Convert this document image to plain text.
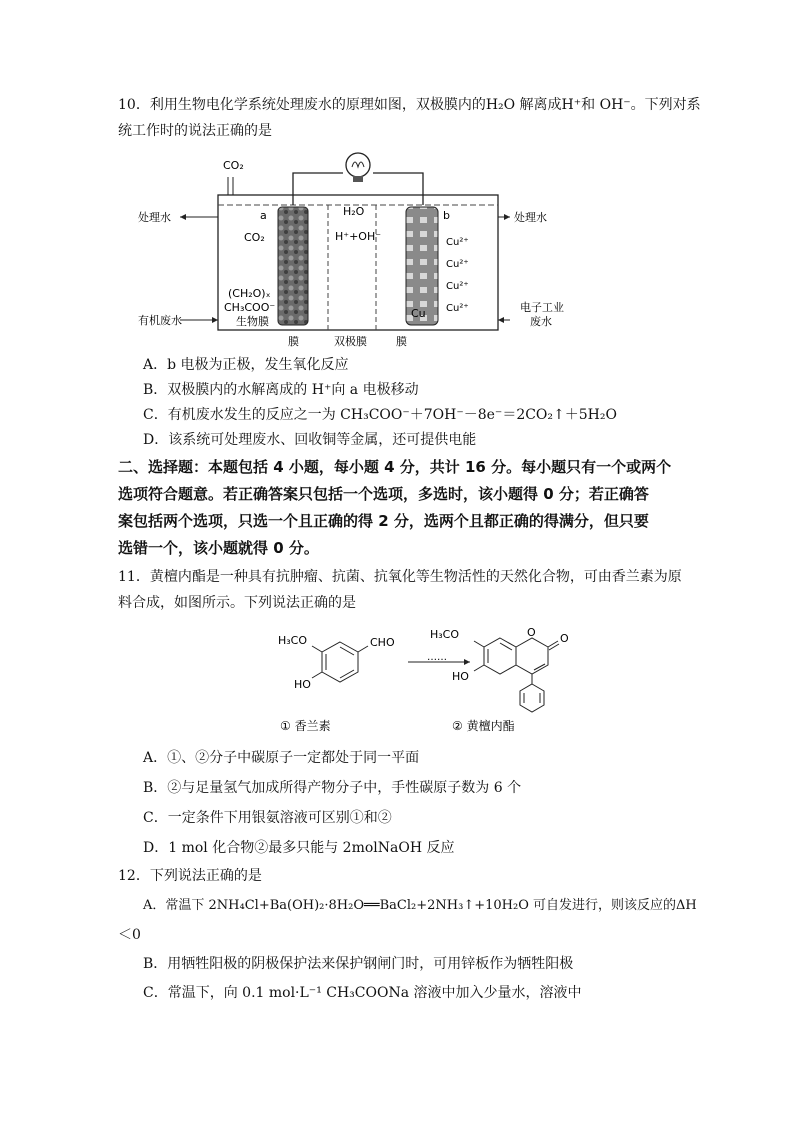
10．利用生物电化学系统处理废水的原理如图，双极膜内的H₂O 解离成H⁺和 OH⁻。下列对系
统工作时的说法正确的是
CO₂
处理水	a
CO₂
(CH₂O)ₓ
CH₃COO⁻
生物膜
有机废水
H₂O
H⁺+OH⁻
b
Cu²⁺
Cu²⁺
Cu²⁺
Cu²⁺
Cu
处理水
电子工业
废水
膜	双极膜	膜
A．b 电极为正极，发生氧化反应
B．双极膜内的水解离成的 H⁺向 a 电极移动
C．有机废水发生的反应之一为 CH₃COO⁻＋7OH⁻－8e⁻＝2CO₂↑＋5H₂O
D．该系统可处理废水、回收铜等金属，还可提供电能
二、选择题：本题包括 4 小题，每小题 4 分，共计 16 分。每小题只有一个或两个
选项符合题意。若正确答案只包括一个选项，多选时，该小题得 0 分；若正确答
案包括两个选项，只选一个且正确的得 2 分，选两个且都正确的得满分，但只要
选错一个，该小题就得 0 分。
11．黄檀内酯是一种具有抗肿瘤、抗菌、抗氧化等生物活性的天然化合物，可由香兰素为原
料合成，如图所示。下列说法正确的是
CHO
H₃CO
HO
……
O O
H₃CO
HO
① 香兰素	② 黄檀内酯
A．①、②分子中碳原子一定都处于同一平面
B．②与足量氢气加成所得产物分子中，手性碳原子数为 6 个
C．一定条件下用银氨溶液可区别①和②
D．1 mol 化合物②最多只能与 2molNaOH 反应
12．下列说法正确的是
A．常温下 2NH₄Cl+Ba(OH)₂·8H₂O══BaCl₂+2NH₃↑+10H₂O 可自发进行，则该反应的ΔH
＜0
B．用牺牲阳极的阴极保护法来保护钢闸门时，可用锌板作为牺牲阳极
C．常温下，向 0.1 mol·L⁻¹ CH₃COONa 溶液中加入少量水，溶液中
